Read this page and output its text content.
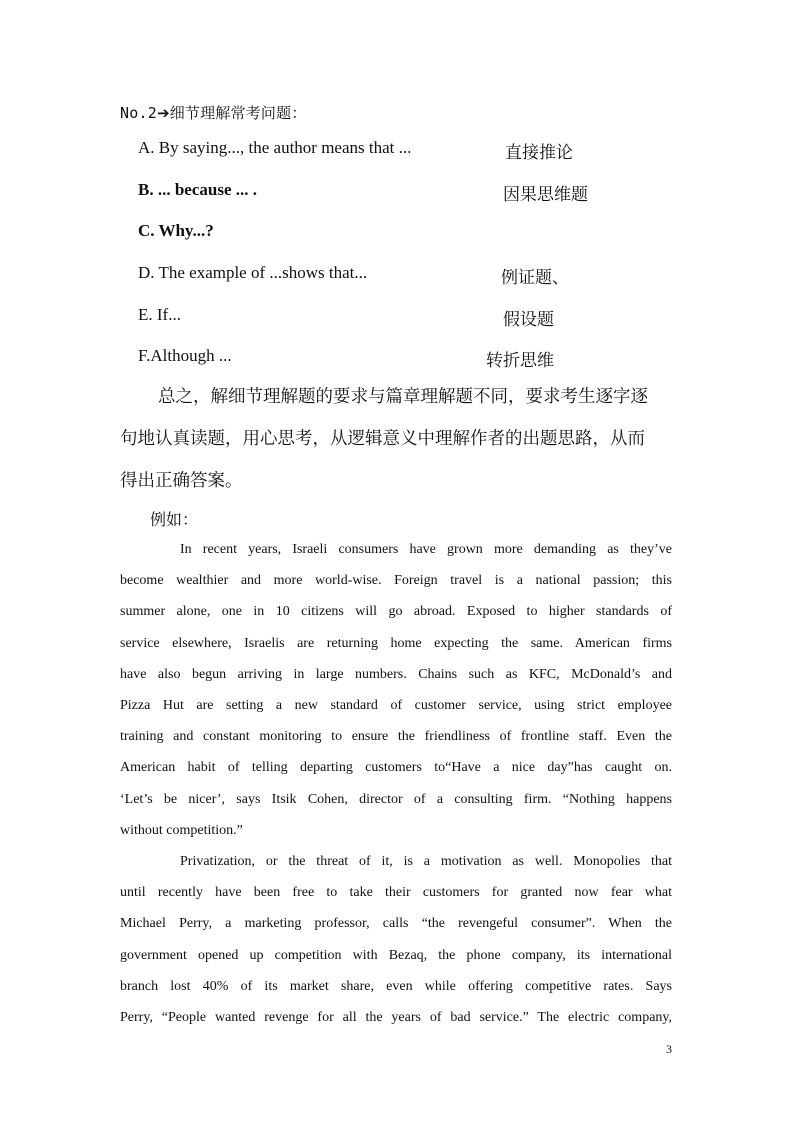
No.2➔细节理解常考问题：
A. By saying..., the author means that ...	直接推论
B. ... because ... .	因果思维题
C. Why...?
D. The example of ...shows that...	例证题、
E. If...	假设题
F.Although ...	转折思维
总之，解细节理解题的要求与篇章理解题不同，要求考生逐字逐
句地认真读题，用心思考，从逻辑意义中理解作者的出题思路，从而
得出正确答案。
例如：
In recent years, Israeli consumers have grown more demanding as they’ve
become wealthier and more world-wise. Foreign travel is a national passion; this
summer alone, one in 10 citizens will go abroad. Exposed to higher standards of
service elsewhere, Israelis are returning home expecting the same. American firms
have also begun arriving in large numbers. Chains such as KFC, McDonald’s and
Pizza Hut are setting a new standard of customer service, using strict employee
training and constant monitoring to ensure the friendliness of frontline staff. Even the
American habit of telling departing customers to“Have a nice day”has caught on.
‘Let’s be nicer’, says Itsik Cohen, director of a consulting firm. “Nothing happens
without competition.”
Privatization, or the threat of it, is a motivation as well. Monopolies that
until recently have been free to take their customers for granted now fear what
Michael Perry, a marketing professor, calls “the revengeful consumer”. When the
government opened up competition with Bezaq, the phone company, its international
branch lost 40% of its market share, even while offering competitive rates. Says
Perry, “People wanted revenge for all the years of bad service.” The electric company,
3
